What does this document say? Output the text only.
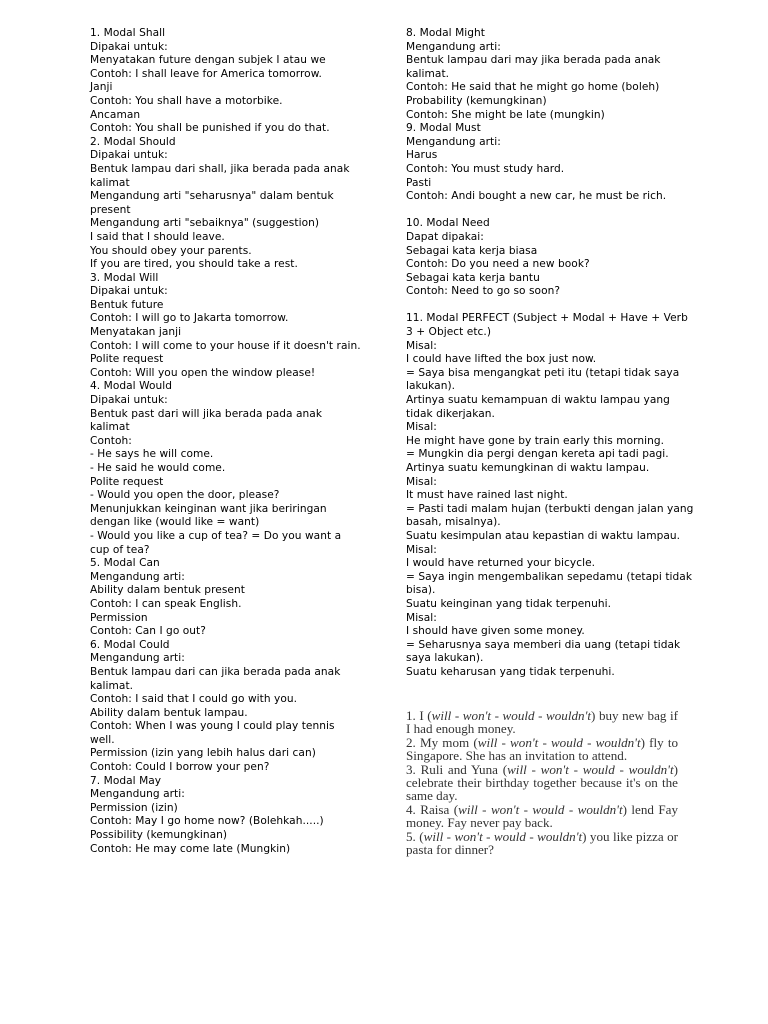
1. Modal Shall
Dipakai untuk:
Menyatakan future dengan subjek I atau we
Contoh: I shall leave for America tomorrow.
Janji
Contoh: You shall have a motorbike.
Ancaman
Contoh: You shall be punished if you do that.
2. Modal Should
Dipakai untuk:
Bentuk lampau dari shall, jika berada pada anak kalimat
Mengandung arti "seharusnya" dalam bentuk present
Mengandung arti "sebaiknya" (suggestion)
I said that I should leave.
You should obey your parents.
If you are tired, you should take a rest.
3. Modal Will
Dipakai untuk:
Bentuk future
Contoh: I will go to Jakarta tomorrow.
Menyatakan janji
Contoh: I will come to your house if it doesn't rain.
Polite request
Contoh: Will you open the window please!
4. Modal Would
Dipakai untuk:
Bentuk past dari will jika berada pada anak kalimat
Contoh:
- He says he will come.
- He said he would come.
Polite request
- Would you open the door, please?
Menunjukkan keinginan want jika beriringan dengan like (would like = want)
- Would you like a cup of tea? = Do you want a cup of tea?
5. Modal Can
Mengandung arti:
Ability dalam bentuk present
Contoh: I can speak English.
Permission
Contoh: Can I go out?
6. Modal Could
Mengandung arti:
Bentuk lampau dari can jika berada pada anak kalimat.
Contoh: I said that I could go with you.
Ability dalam bentuk lampau.
Contoh: When I was young I could play tennis well.
Permission (izin yang lebih halus dari can)
Contoh: Could I borrow your pen?
7. Modal May
Mengandung arti:
Permission (izin)
Contoh: May I go home now? (Bolehkah.....)
Possibility (kemungkinan)
Contoh: He may come late (Mungkin)
8. Modal Might
Mengandung arti:
Bentuk lampau dari may jika berada pada anak kalimat.
Contoh: He said that he might go home (boleh)
Probability (kemungkinan)
Contoh: She might be late (mungkin)
9. Modal Must
Mengandung arti:
Harus
Contoh: You must study hard.
Pasti
Contoh: Andi bought a new car, he must be rich.
10. Modal Need
Dapat dipakai:
Sebagai kata kerja biasa
Contoh: Do you need a new book?
Sebagai kata kerja bantu
Contoh: Need to go so soon?
11. Modal PERFECT (Subject + Modal + Have + Verb 3 + Object etc.)
Misal:
I could have lifted the box just now.
= Saya bisa mengangkat peti itu (tetapi tidak saya lakukan).
Artinya suatu kemampuan di waktu lampau yang tidak dikerjakan.
Misal:
He might have gone by train early this morning.
= Mungkin dia pergi dengan kereta api tadi pagi.
Artinya suatu kemungkinan di waktu lampau.
Misal:
It must have rained last night.
= Pasti tadi malam hujan (terbukti dengan jalan yang basah, misalnya).
Suatu kesimpulan atau kepastian di waktu lampau.
Misal:
I would have returned your bicycle.
= Saya ingin mengembalikan sepedamu (tetapi tidak bisa).
Suatu keinginan yang tidak terpenuhi.
Misal:
I should have given some money.
= Seharusnya saya memberi dia uang (tetapi tidak saya lakukan).
Suatu keharusan yang tidak terpenuhi.

1. I (will - won't - would - wouldn't) buy new bag if I had enough money.

2. My mom (will - won't - would - wouldn't) fly to Singapore. She has an invitation to attend.

3. Ruli and Yuna (will - won't - would - wouldn't) celebrate their birthday together because it's on the same day.

4. Raisa (will - won't - would - wouldn't) lend Fay money. Fay never pay back.

5. (will - won't - would - wouldn't) you like pizza or pasta for dinner?
